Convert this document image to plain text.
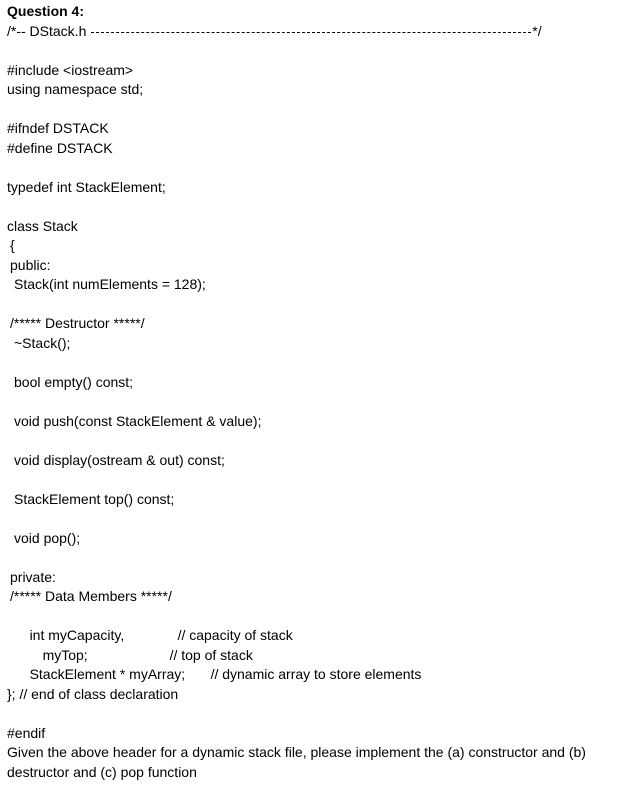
Question 4:
/*-- DStack.h	*/
#include <iostream>
using namespace std;
#ifndef DSTACK
#define DSTACK
typedef int StackElement;
class Stack
{
public:
Stack(int numElements = 128);
/***** Destructor *****/
~Stack();
bool empty() const;
void push(const StackElement & value);
void display(ostream & out) const;
StackElement top() const;
void pop();
private:
/***** Data Members *****/

int myCapacity,	// capacity of stack

myTop;	// top of stack

StackElement * myArray; // dynamic array to store elements

}; // end of class declaration
#endif
Given the above header for a dynamic stack file, please implement the (a) constructor and (b) destructor and (c) pop function
